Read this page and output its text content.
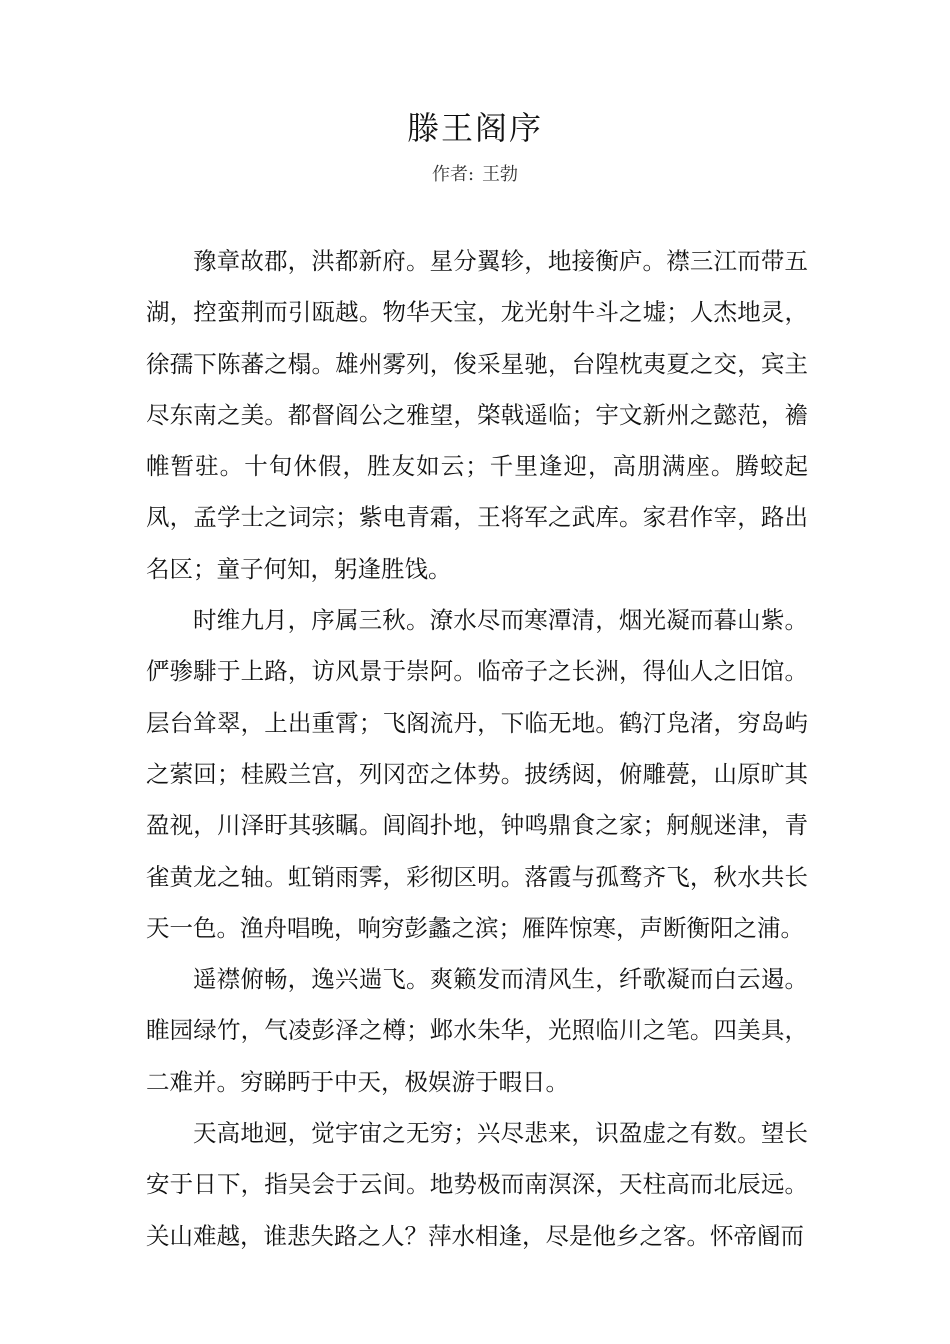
滕王阁序
作者: 王勃

豫章故郡，洪都新府。星分翼轸，地接衡庐。襟三江而带五湖，控蛮荆而引瓯越。物华天宝，龙光射牛斗之墟；人杰地灵，徐孺下陈蕃之榻。雄州雾列，俊采星驰，台隍枕夷夏之交，宾主尽东南之美。都督阎公之雅望，棨戟遥临；宇文新州之懿范，襜帷暂驻。十旬休假，胜友如云；千里逢迎，高朋满座。腾蛟起凤，孟学士之词宗；紫电青霜，王将军之武库。家君作宰，路出名区；童子何知，躬逢胜饯。

时维九月，序属三秋。潦水尽而寒潭清，烟光凝而暮山紫。俨骖騑于上路，访风景于崇阿。临帝子之长洲，得仙人之旧馆。层台耸翠，上出重霄；飞阁流丹，下临无地。鹤汀凫渚，穷岛屿之萦回；桂殿兰宫，列冈峦之体势。披绣闼，俯雕甍，山原旷其盈视，川泽盱其骇瞩。闾阎扑地，钟鸣鼎食之家；舸舰迷津，青雀黄龙之轴。虹销雨霁，彩彻区明。落霞与孤鹜齐飞，秋水共长天一色。渔舟唱晚，响穷彭蠡之滨；雁阵惊寒，声断衡阳之浦。

遥襟俯畅，逸兴遄飞。爽籁发而清风生，纤歌凝而白云遏。睢园绿竹，气凌彭泽之樽；邺水朱华，光照临川之笔。四美具，二难并。穷睇眄于中天，极娱游于暇日。

天高地迥，觉宇宙之无穷；兴尽悲来，识盈虚之有数。望长安于日下，指吴会于云间。地势极而南溟深，天柱高而北辰远。关山难越，谁悲失路之人？萍水相逢，尽是他乡之客。怀帝阍而
